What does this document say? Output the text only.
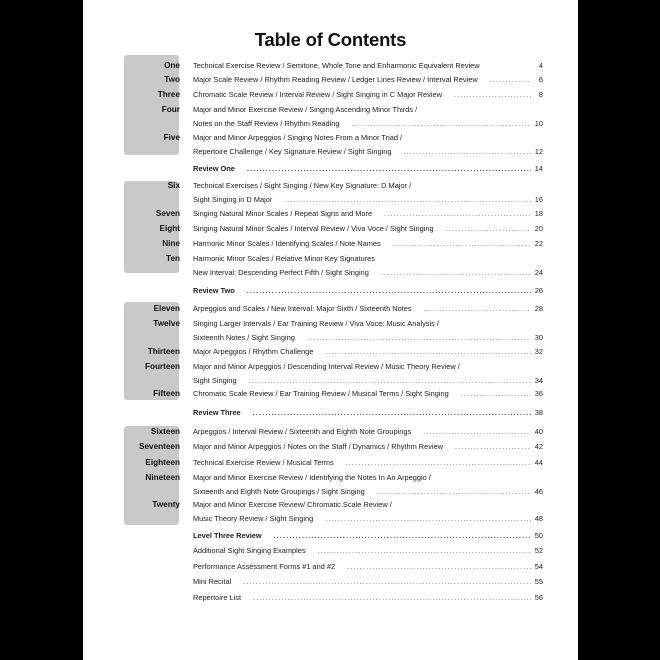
Table of Contents
One Technical Exercise Review / Semitone, Whole Tone and Enharmonic Equivalent Review	4
Two Major Scale Review / Rhythm Reading Review / Ledger Lines Review / Interval Review .....	6
Three Chromatic Scale Review / Interval Review / Sight Singing in C Major Review .....	8
Four Major and Minor Exercise Review / Singing Ascending Minor Thirds /
Notes on the Staff Review / Rhythm Reading .....	10
Five Major and Minor Arpeggios / Singing Notes From a Minor Triad /
Repertoire Challenge / Key Signature Review / Sight Singing .....	12
Review One .....	14
Six Technical Exercises / Sight Singing / New Key Signature: D Major /
Sight Singing in D Major .....	16
Seven Singing Natural Minor Scales / Repeat Signs and More .....	18
Eight Singing Natural Minor Scales / Interval Review / Viva Voce / Sight Singing .....	20
Nine Harmonic Minor Scales / Identifying Scales / Note Names .....	22
Ten Harmonic Minor Scales / Relative Minor Key Signatures
New Interval: Descending Perfect Fifth / Sight Singing .....	24
Review Two .....	26
Eleven Arpeggios and Scales / New Interval: Major Sixth / Sixteenth Notes .....	28
Twelve Singing Larger Intervals / Ear Training Review / Viva Voce: Music Analysis /
Sixteenth Notes / Sight Singing .....	30
Thirteen Major Arpeggios / Rhythm Challenge .....	32
Fourteen Major and Minor Arpeggios / Descending Interval Review / Music Theory Review /
Sight Singing .....	34
Fifteen Chromatic Scale Review / Ear Training Review / Musical Terms / Sight Singing .....	36
Review Three .....	38
Sixteen Arpeggios / Interval Review / Sixteenth and Eighth Note Groupings .....	40
Seventeen Major and Minor Arpeggios / Notes on the Staff / Dynamics / Rhythm Review .....	42
Eighteen Technical Exercise Review / Musical Terms .....	44
Nineteen Major and Minor Exercise Review / Identifying the Notes In An Arpeggio /
Sixteenth and Eighth Note Groupings / Sight Singing .....	46
Twenty Major and Minor Exercise Review/ Chromatic Scale Review /
Music Theory Review / Sight Singing .....	48
Level Three Review .....	50
Additional Sight Singing Examples .....	52
Performance Assessment Forms #1 and #2 .....	54
Mini Recital .....	55
Repertoire List .....	56
